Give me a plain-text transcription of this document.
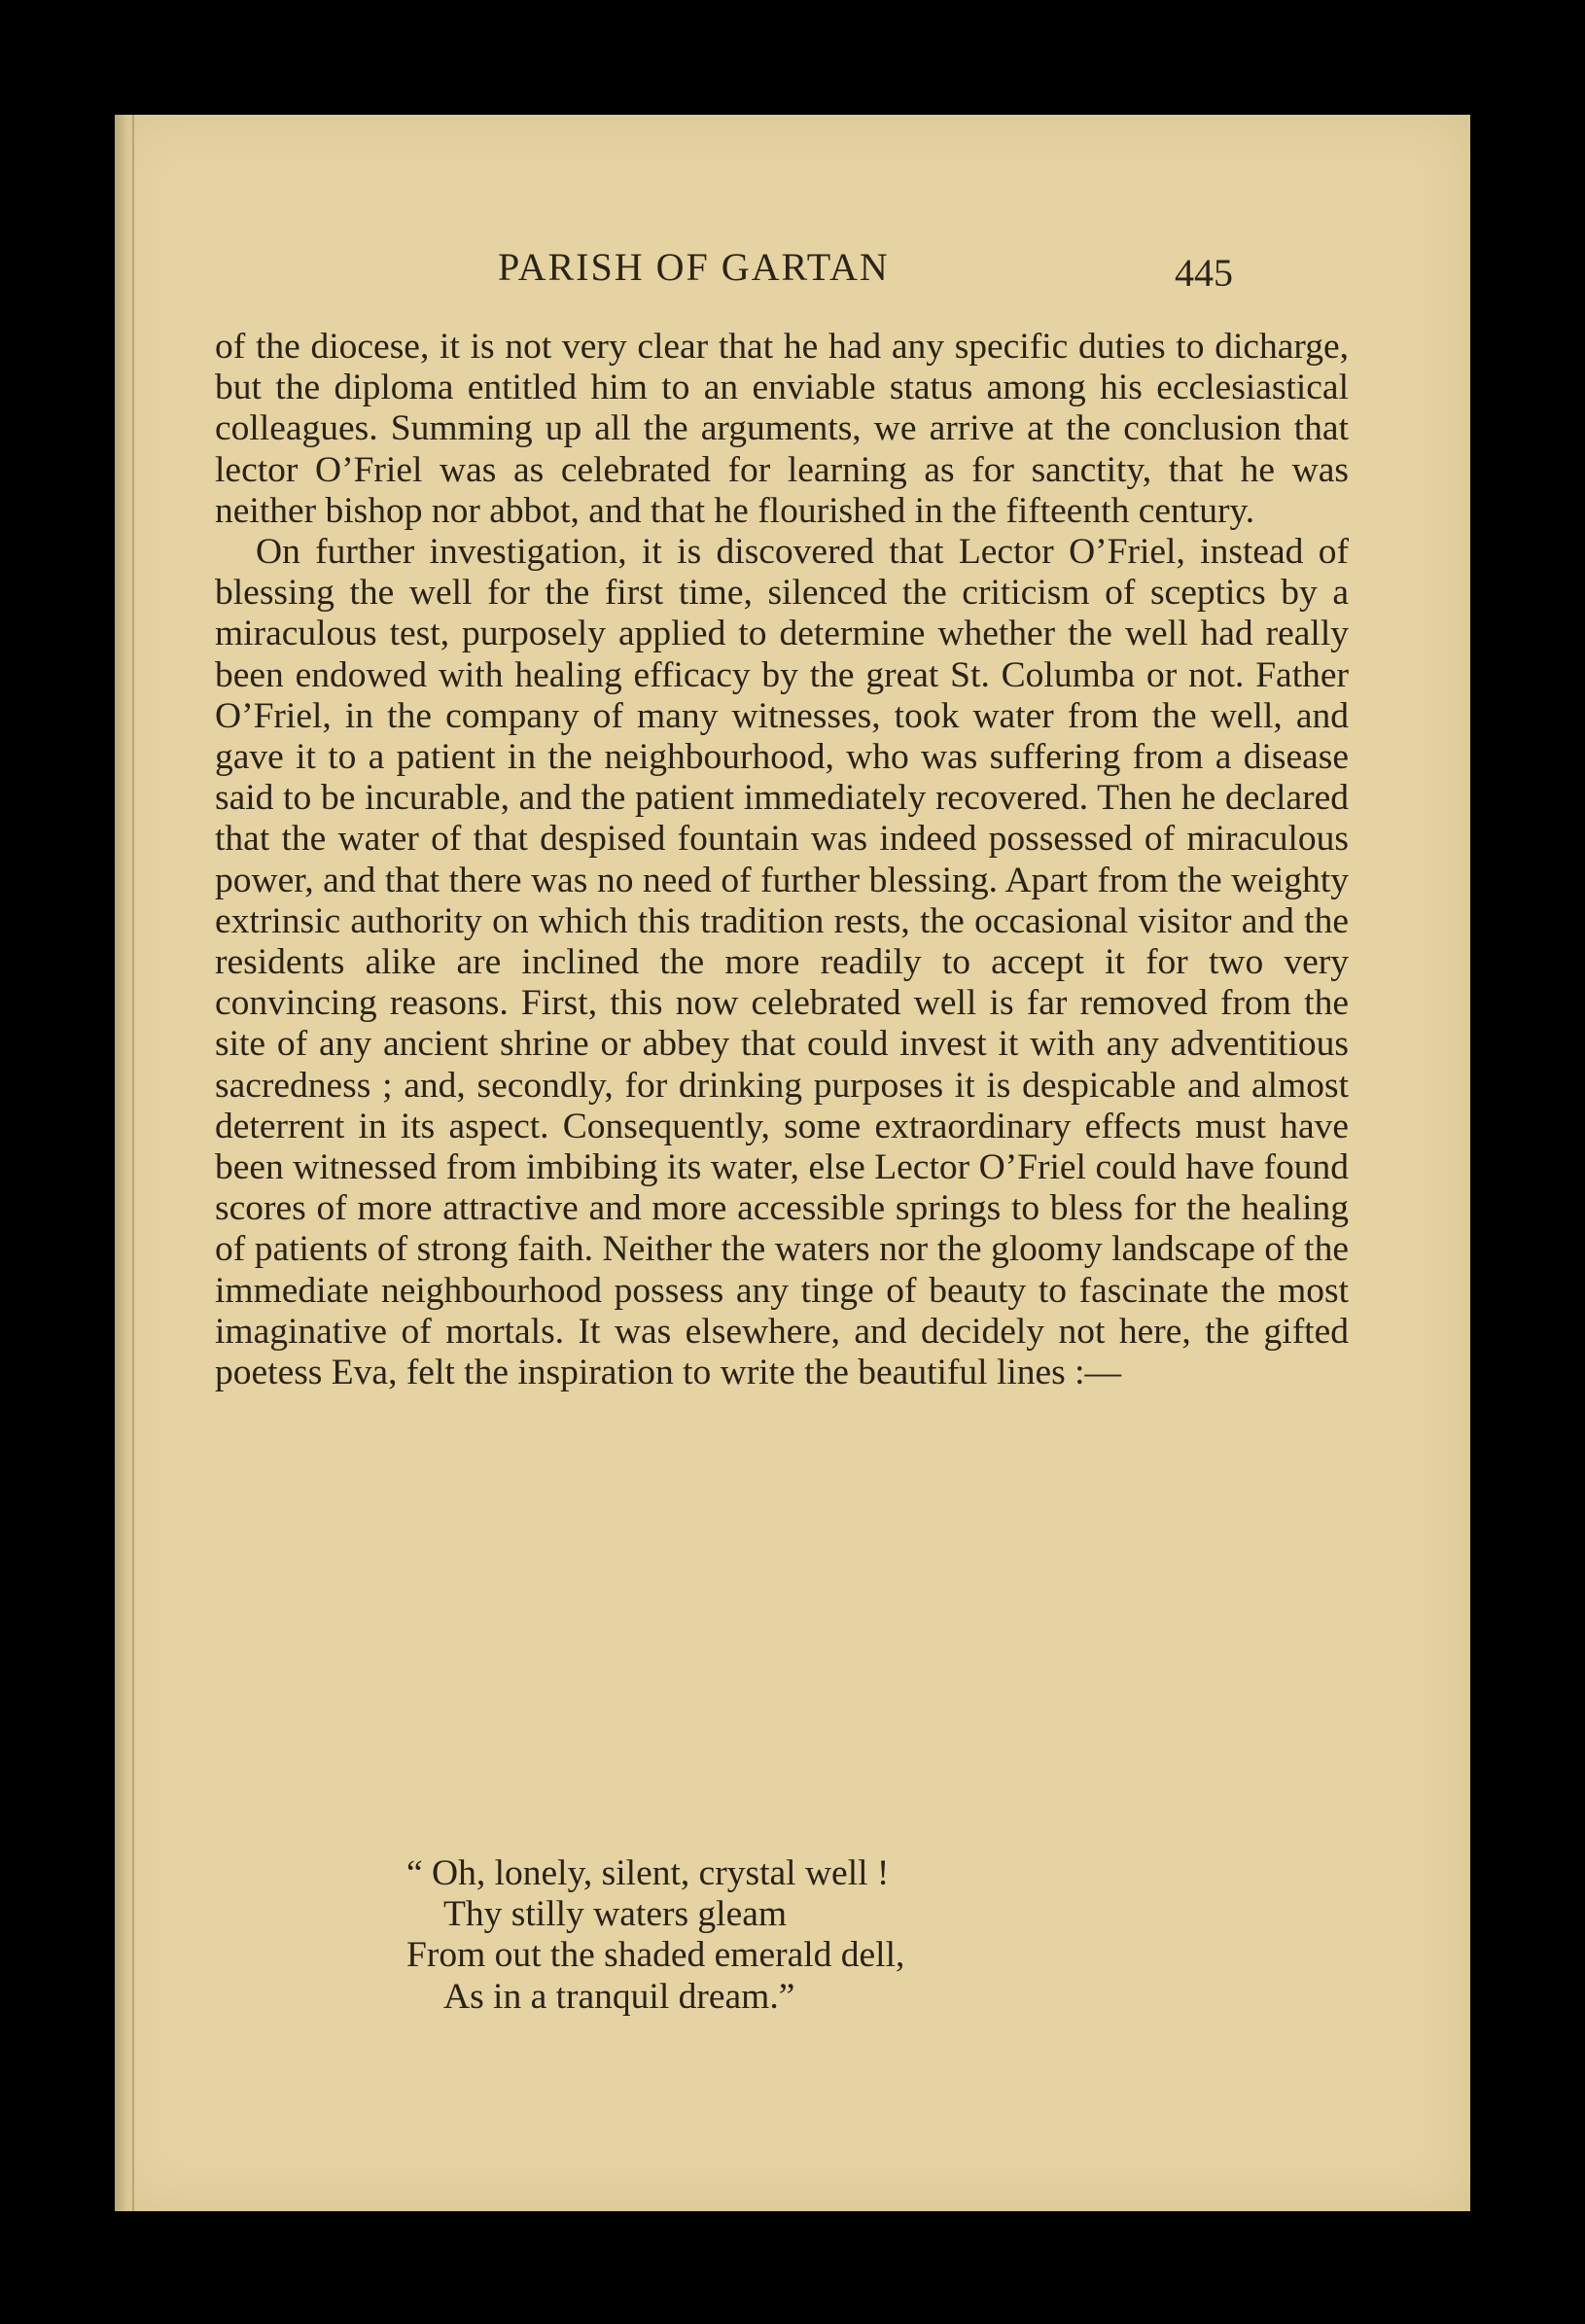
PARISH OF GARTAN	445

of the diocese, it is not very clear that he had any specific duties to dicharge, but the diploma entitled him to an enviable status among his ecclesiastical colleagues. Summing up all the arguments, we arrive at the conclusion that lector O’Friel was as celebrated for learning as for sanctity, that he was neither bishop nor abbot, and that he flourished in the fifteenth century.

On further investigation, it is discovered that Lector O’Friel, instead of blessing the well for the first time, silenced the criticism of sceptics by a miraculous test, purposely applied to determine whether the well had really been endowed with healing efficacy by the great St. Columba or not. Father O’Friel, in the company of many witnesses, took water from the well, and gave it to a patient in the neighbourhood, who was suffering from a disease said to be incurable, and the patient immediately recovered. Then he declared that the water of that despised fountain was indeed possessed of miraculous power, and that there was no need of further blessing. Apart from the weighty extrinsic authority on which this tradition rests, the occasional visitor and the residents alike are inclined the more readily to accept it for two very convincing reasons. First, this now celebrated well is far removed from the site of any ancient shrine or abbey that could invest it with any adventitious sacredness ; and, secondly, for drinking purposes it is despicable and almost deterrent in its aspect. Consequently, some extraordinary effects must have been witnessed from imbibing its water, else Lector O’Friel could have found scores of more attractive and more accessible springs to bless for the healing of patients of strong faith. Neither the waters nor the gloomy landscape of the immediate neighbourhood possess any tinge of beauty to fascinate the most imaginative of mortals. It was elsewhere, and decidely not here, the gifted poetess Eva, felt the inspiration to write the beautiful lines :—

“ Oh, lonely, silent, crystal well !
Thy stilly waters gleam
From out the shaded emerald dell,
As in a tranquil dream.”
